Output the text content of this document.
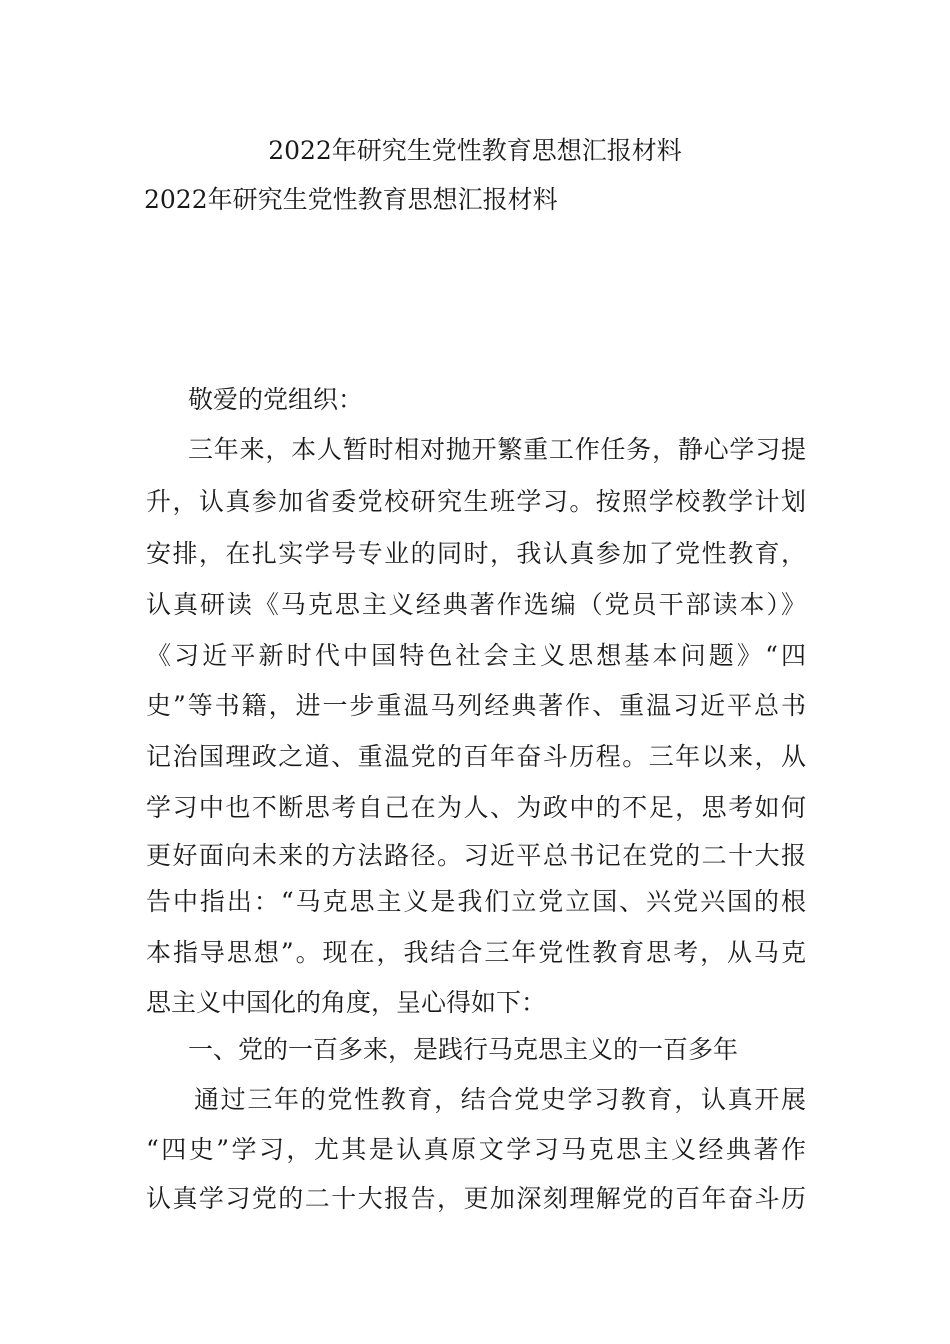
2022年研究生党性教育思想汇报材料
2022年研究生党性教育思想汇报材料
敬爱的党组织：
三年来，本人暂时相对抛开繁重工作任务，静心学习提
升，认真参加省委党校研究生班学习。按照学校教学计划
安排，在扎实学号专业的同时，我认真参加了党性教育，
认真研读《马克思主义经典著作选编（党员干部读本）》
《习近平新时代中国特色社会主义思想基本问题》“四
史”等书籍，进一步重温马列经典著作、重温习近平总书
记治国理政之道、重温党的百年奋斗历程。三年以来，从
学习中也不断思考自己在为人、为政中的不足，思考如何
更好面向未来的方法路径。习近平总书记在党的二十大报
告中指出：“马克思主义是我们立党立国、兴党兴国的根
本指导思想”。现在，我结合三年党性教育思考，从马克
思主义中国化的角度，呈心得如下：
一、党的一百多来，是践行马克思主义的一百多年
通过三年的党性教育，结合党史学习教育，认真开展
“四史”学习，尤其是认真原文学习马克思主义经典著作
认真学习党的二十大报告，更加深刻理解党的百年奋斗历
